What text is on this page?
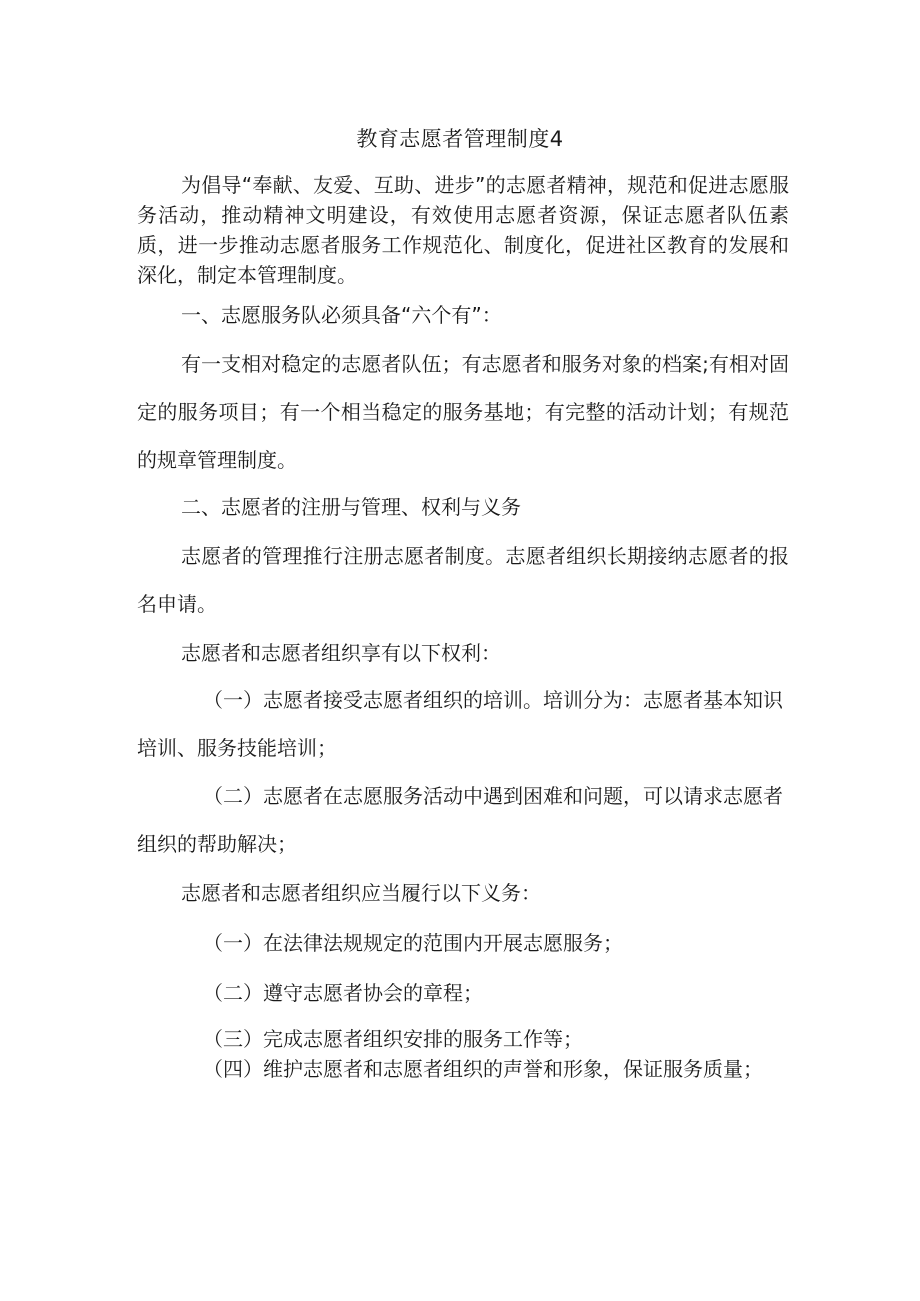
教育志愿者管理制度4

为倡导“奉献、友爱、互助、进步”的志愿者精神，规范和促进志愿服务活动，推动精神文明建设，有效使用志愿者资源，保证志愿者队伍素质，进一步推动志愿者服务工作规范化、制度化，促进社区教育的发展和深化，制定本管理制度。

一、志愿服务队必须具备“六个有”：

有一支相对稳定的志愿者队伍；有志愿者和服务对象的档案;有相对固定的服务项目；有一个相当稳定的服务基地；有完整的活动计划；有规范的规章管理制度。

二、志愿者的注册与管理、权利与义务

志愿者的管理推行注册志愿者制度。志愿者组织长期接纳志愿者的报名申请。

志愿者和志愿者组织享有以下权利：

（一）志愿者接受志愿者组织的培训。培训分为：志愿者基本知识培训、服务技能培训；

（二）志愿者在志愿服务活动中遇到困难和问题，可以请求志愿者组织的帮助解决；

志愿者和志愿者组织应当履行以下义务：

（一）在法律法规规定的范围内开展志愿服务；

（二）遵守志愿者协会的章程；

（三）完成志愿者组织安排的服务工作等；

（四）维护志愿者和志愿者组织的声誉和形象，保证服务质量；
